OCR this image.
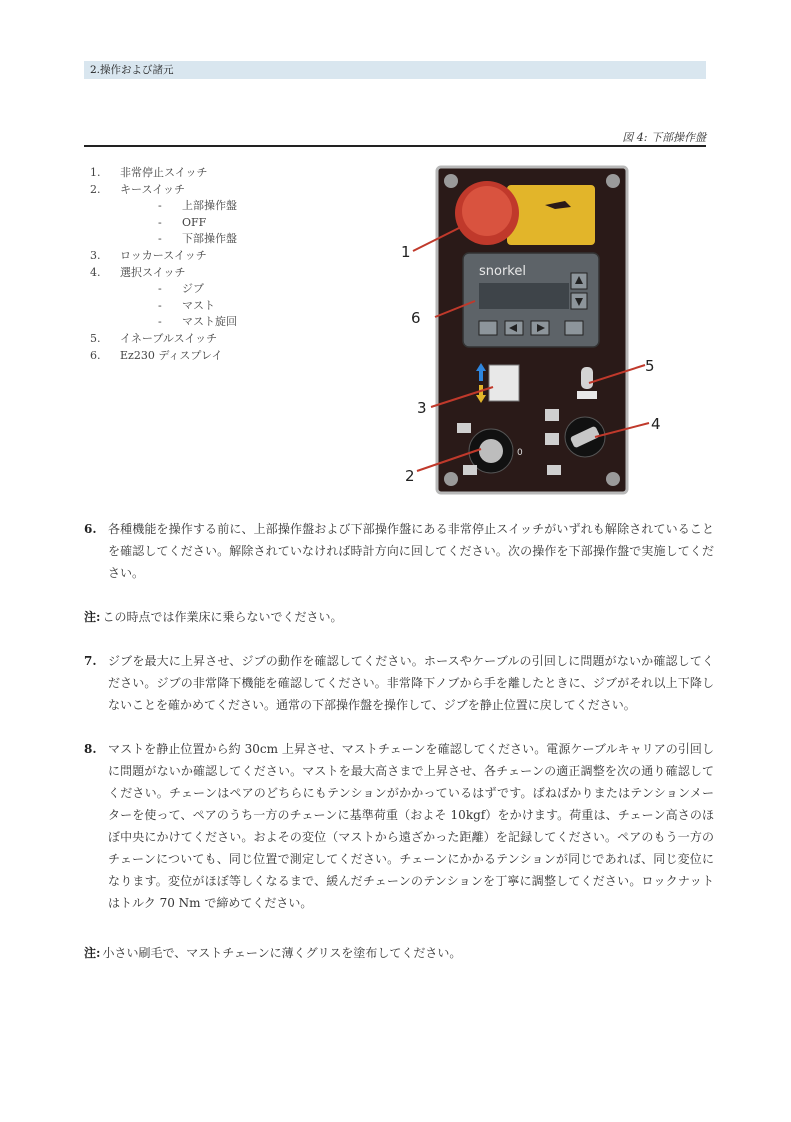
2.操作および諸元
図 4: 下部操作盤
1.	非常停止スイッチ
2.	キースイッチ
-	上部操作盤
-	OFF
-	下部操作盤
3.	ロッカースイッチ
4.	選択スイッチ
-	ジブ
-	マスト
-	マスト旋回
5.	イネーブルスイッチ
6.	Ez230 ディスプレイ
snorkel
0
1
6
3
2
5
4
6. 各種機能を操作する前に、上部操作盤および下部操作盤にある非常停止スイッチがいずれも解除されていることを確認してください。解除されていなければ時計方向に回してください。次の操作を下部操作盤で実施してください。
注: この時点では作業床に乗らないでください。
7. ジブを最大に上昇させ、ジブの動作を確認してください。ホースやケーブルの引回しに問題がないか確認してください。ジブの非常降下機能を確認してください。非常降下ノブから手を離したときに、ジブがそれ以上下降しないことを確かめてください。通常の下部操作盤を操作して、ジブを静止位置に戻してください。
8. マストを静止位置から約 30cm 上昇させ、マストチェーンを確認してください。電源ケーブルキャリアの引回しに問題がないか確認してください。マストを最大高さまで上昇させ、各チェーンの適正調整を次の通り確認してください。チェーンはペアのどちらにもテンションがかかっているはずです。ばねばかりまたはテンションメーターを使って、ペアのうち一方のチェーンに基準荷重（およそ 10kgf）をかけます。荷重は、チェーン高さのほぼ中央にかけてください。およその変位（マストから遠ざかった距離）を記録してください。ペアのもう一方のチェーンについても、同じ位置で測定してください。チェーンにかかるテンションが同じであれば、同じ変位になります。変位がほぼ等しくなるまで、緩んだチェーンのテンションを丁寧に調整してください。ロックナットはトルク 70 Nm で締めてください。
注: 小さい刷毛で、マストチェーンに薄くグリスを塗布してください。
